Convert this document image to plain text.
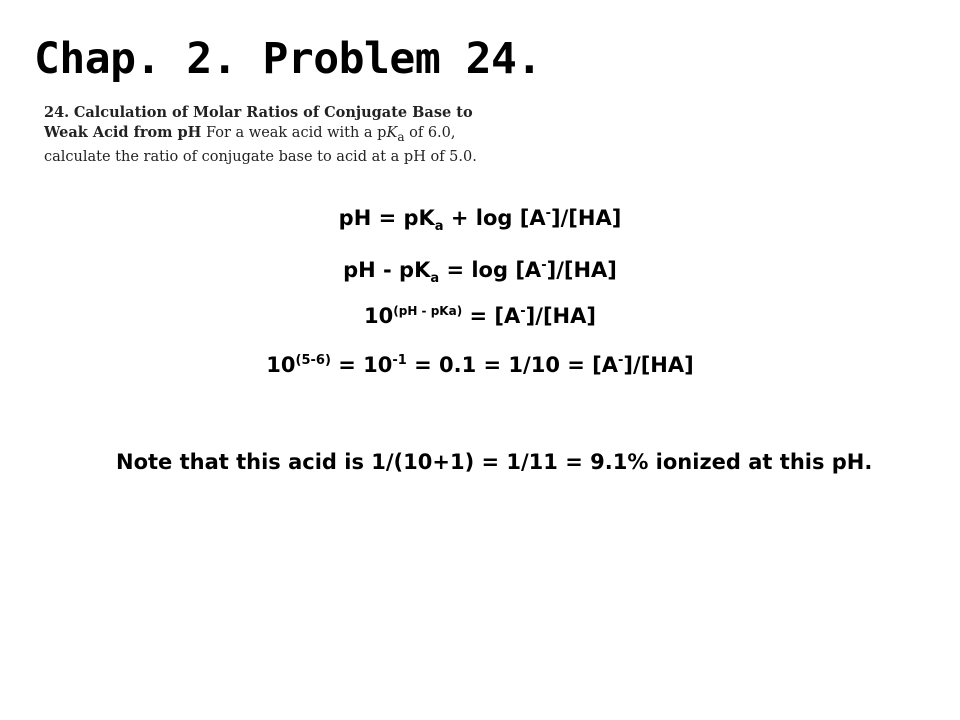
Chap. 2. Problem 24.
24. Calculation of Molar Ratios of Conjugate Base to Weak Acid from pH For a weak acid with a $pK_a$ of 6.0, calculate the ratio of conjugate base to acid at a pH of 5.0.
pH = $pK_a + \log [A^-]/[HA]$
pH - $pK_a = \log [A^-]/[HA]$
$10^{(pH - pKa)} = [A^-]/[HA]$
$10^{(5-6)} = 10^{-1} = 0.1 = 1/10 = [A^-]/[HA]$
Note that this acid is 1/(10+1) = 1/11 = 9.1% ionized at this pH.
